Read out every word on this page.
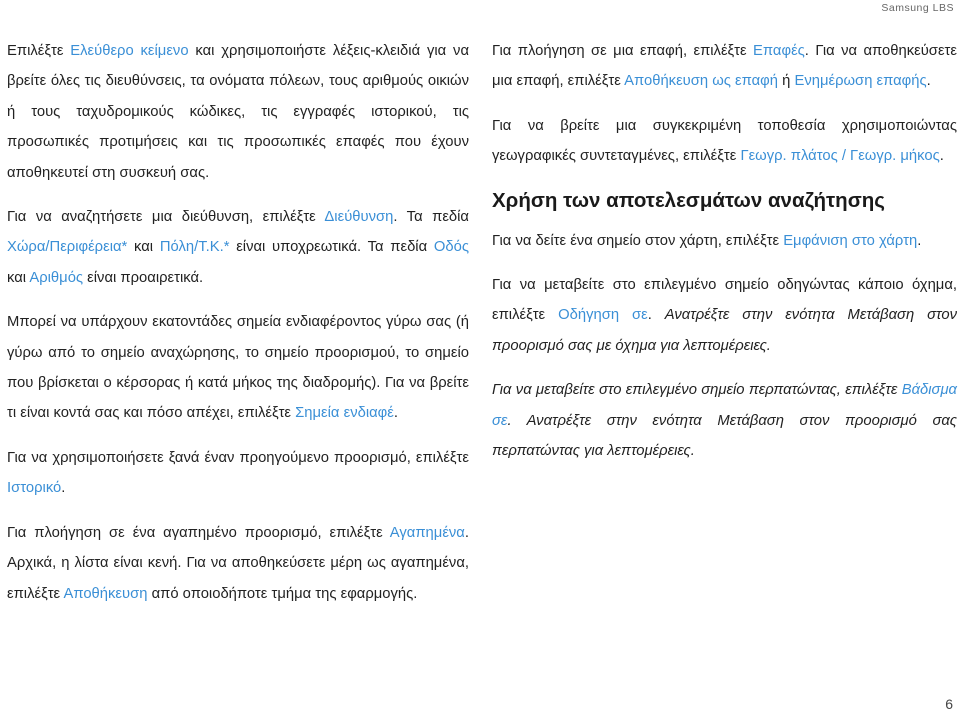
Samsung LBS

Επιλέξτε Ελεύθερο κείμενο και χρησιμοποιήστε λέξεις-κλειδιά για να βρείτε όλες τις διευθύνσεις, τα ονόματα πόλεων, τους αριθμούς οικιών ή τους ταχυδρομικούς κώδικες, τις εγγραφές ιστορικού, τις προσωπικές προτιμήσεις και τις προσωπικές επαφές που έχουν αποθηκευτεί στη συσκευή σας.

Για να αναζητήσετε μια διεύθυνση, επιλέξτε Διεύθυνση. Τα πεδία Χώρα/Περιφέρεια* και Πόλη/Τ.Κ.* είναι υποχρεωτικά. Τα πεδία Οδός και Αριθμός είναι προαιρετικά.

Μπορεί να υπάρχουν εκατοντάδες σημεία ενδιαφέροντος γύρω σας (ή γύρω από το σημείο αναχώρησης, το σημείο προορισμού, το σημείο που βρίσκεται ο κέρσορας ή κατά μήκος της διαδρομής). Για να βρείτε τι είναι κοντά σας και πόσο απέχει, επιλέξτε Σημεία ενδιαφέ.

Για να χρησιμοποιήσετε ξανά έναν προηγούμενο προορισμό, επιλέξτε Ιστορικό.

Για πλοήγηση σε ένα αγαπημένο προορισμό, επιλέξτε Αγαπημένα. Αρχικά, η λίστα είναι κενή. Για να αποθηκεύσετε μέρη ως αγαπημένα, επιλέξτε Αποθήκευση από οποιοδήποτε τμήμα της εφαρμογής.

Για πλοήγηση σε μια επαφή, επιλέξτε Επαφές. Για να αποθηκεύσετε μια επαφή, επιλέξτε Αποθήκευση ως επαφή ή Ενημέρωση επαφής.

Για να βρείτε μια συγκεκριμένη τοποθεσία χρησιμοποιώντας γεωγραφικές συντεταγμένες, επιλέξτε Γεωγρ. πλάτος / Γεωγρ. μήκος.

Χρήση των αποτελεσμάτων αναζήτησης

Για να δείτε ένα σημείο στον χάρτη, επιλέξτε Εμφάνιση στο χάρτη.

Για να μεταβείτε στο επιλεγμένο σημείο οδηγώντας κάποιο όχημα, επιλέξτε Οδήγηση σε. Ανατρέξτε στην ενότητα Μετάβαση στον προορισμό σας με όχημα για λεπτομέρειες.

Για να μεταβείτε στο επιλεγμένο σημείο περπατώντας, επιλέξτε Βάδισμα σε. Ανατρέξτε στην ενότητα Μετάβαση στον προορισμό σας περπατώντας για λεπτομέρειες.

6
